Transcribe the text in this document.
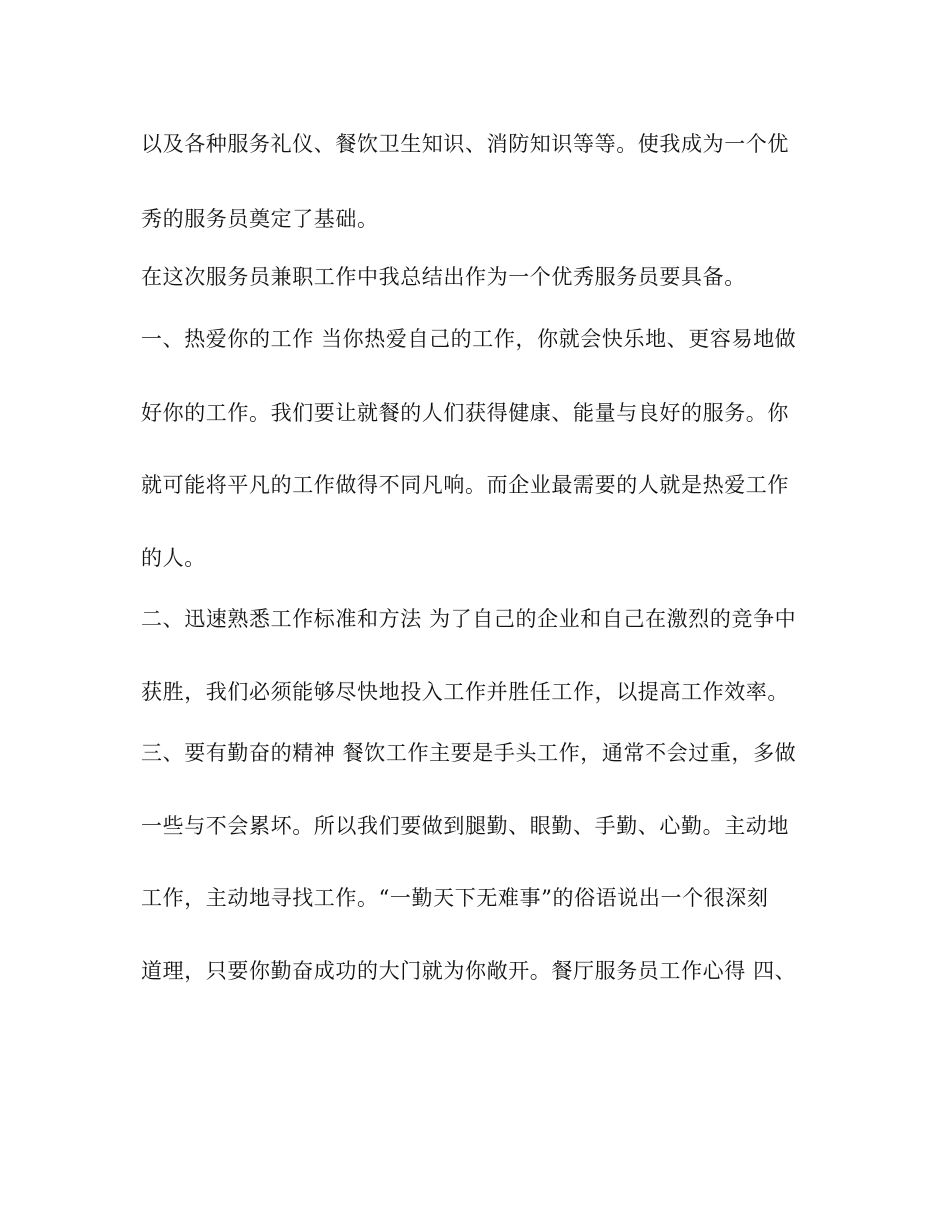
以及各种服务礼仪、餐饮卫生知识、消防知识等等。使我成为一个优
秀的服务员奠定了基础。
在这次服务员兼职工作中我总结出作为一个优秀服务员要具备。
一、热爱你的工作 当你热爱自己的工作，你就会快乐地、更容易地做
好你的工作。我们要让就餐的人们获得健康、能量与良好的服务。你
就可能将平凡的工作做得不同凡响。而企业最需要的人就是热爱工作
的人。
二、迅速熟悉工作标准和方法 为了自己的企业和自己在激烈的竞争中
获胜，我们必须能够尽快地投入工作并胜任工作，以提高工作效率。
三、要有勤奋的精神 餐饮工作主要是手头工作，通常不会过重，多做
一些与不会累坏。所以我们要做到腿勤、眼勤、手勤、心勤。主动地
工作，主动地寻找工作。“一勤天下无难事”的俗语说出一个很深刻
道理，只要你勤奋成功的大门就为你敞开。餐厅服务员工作心得 四、
